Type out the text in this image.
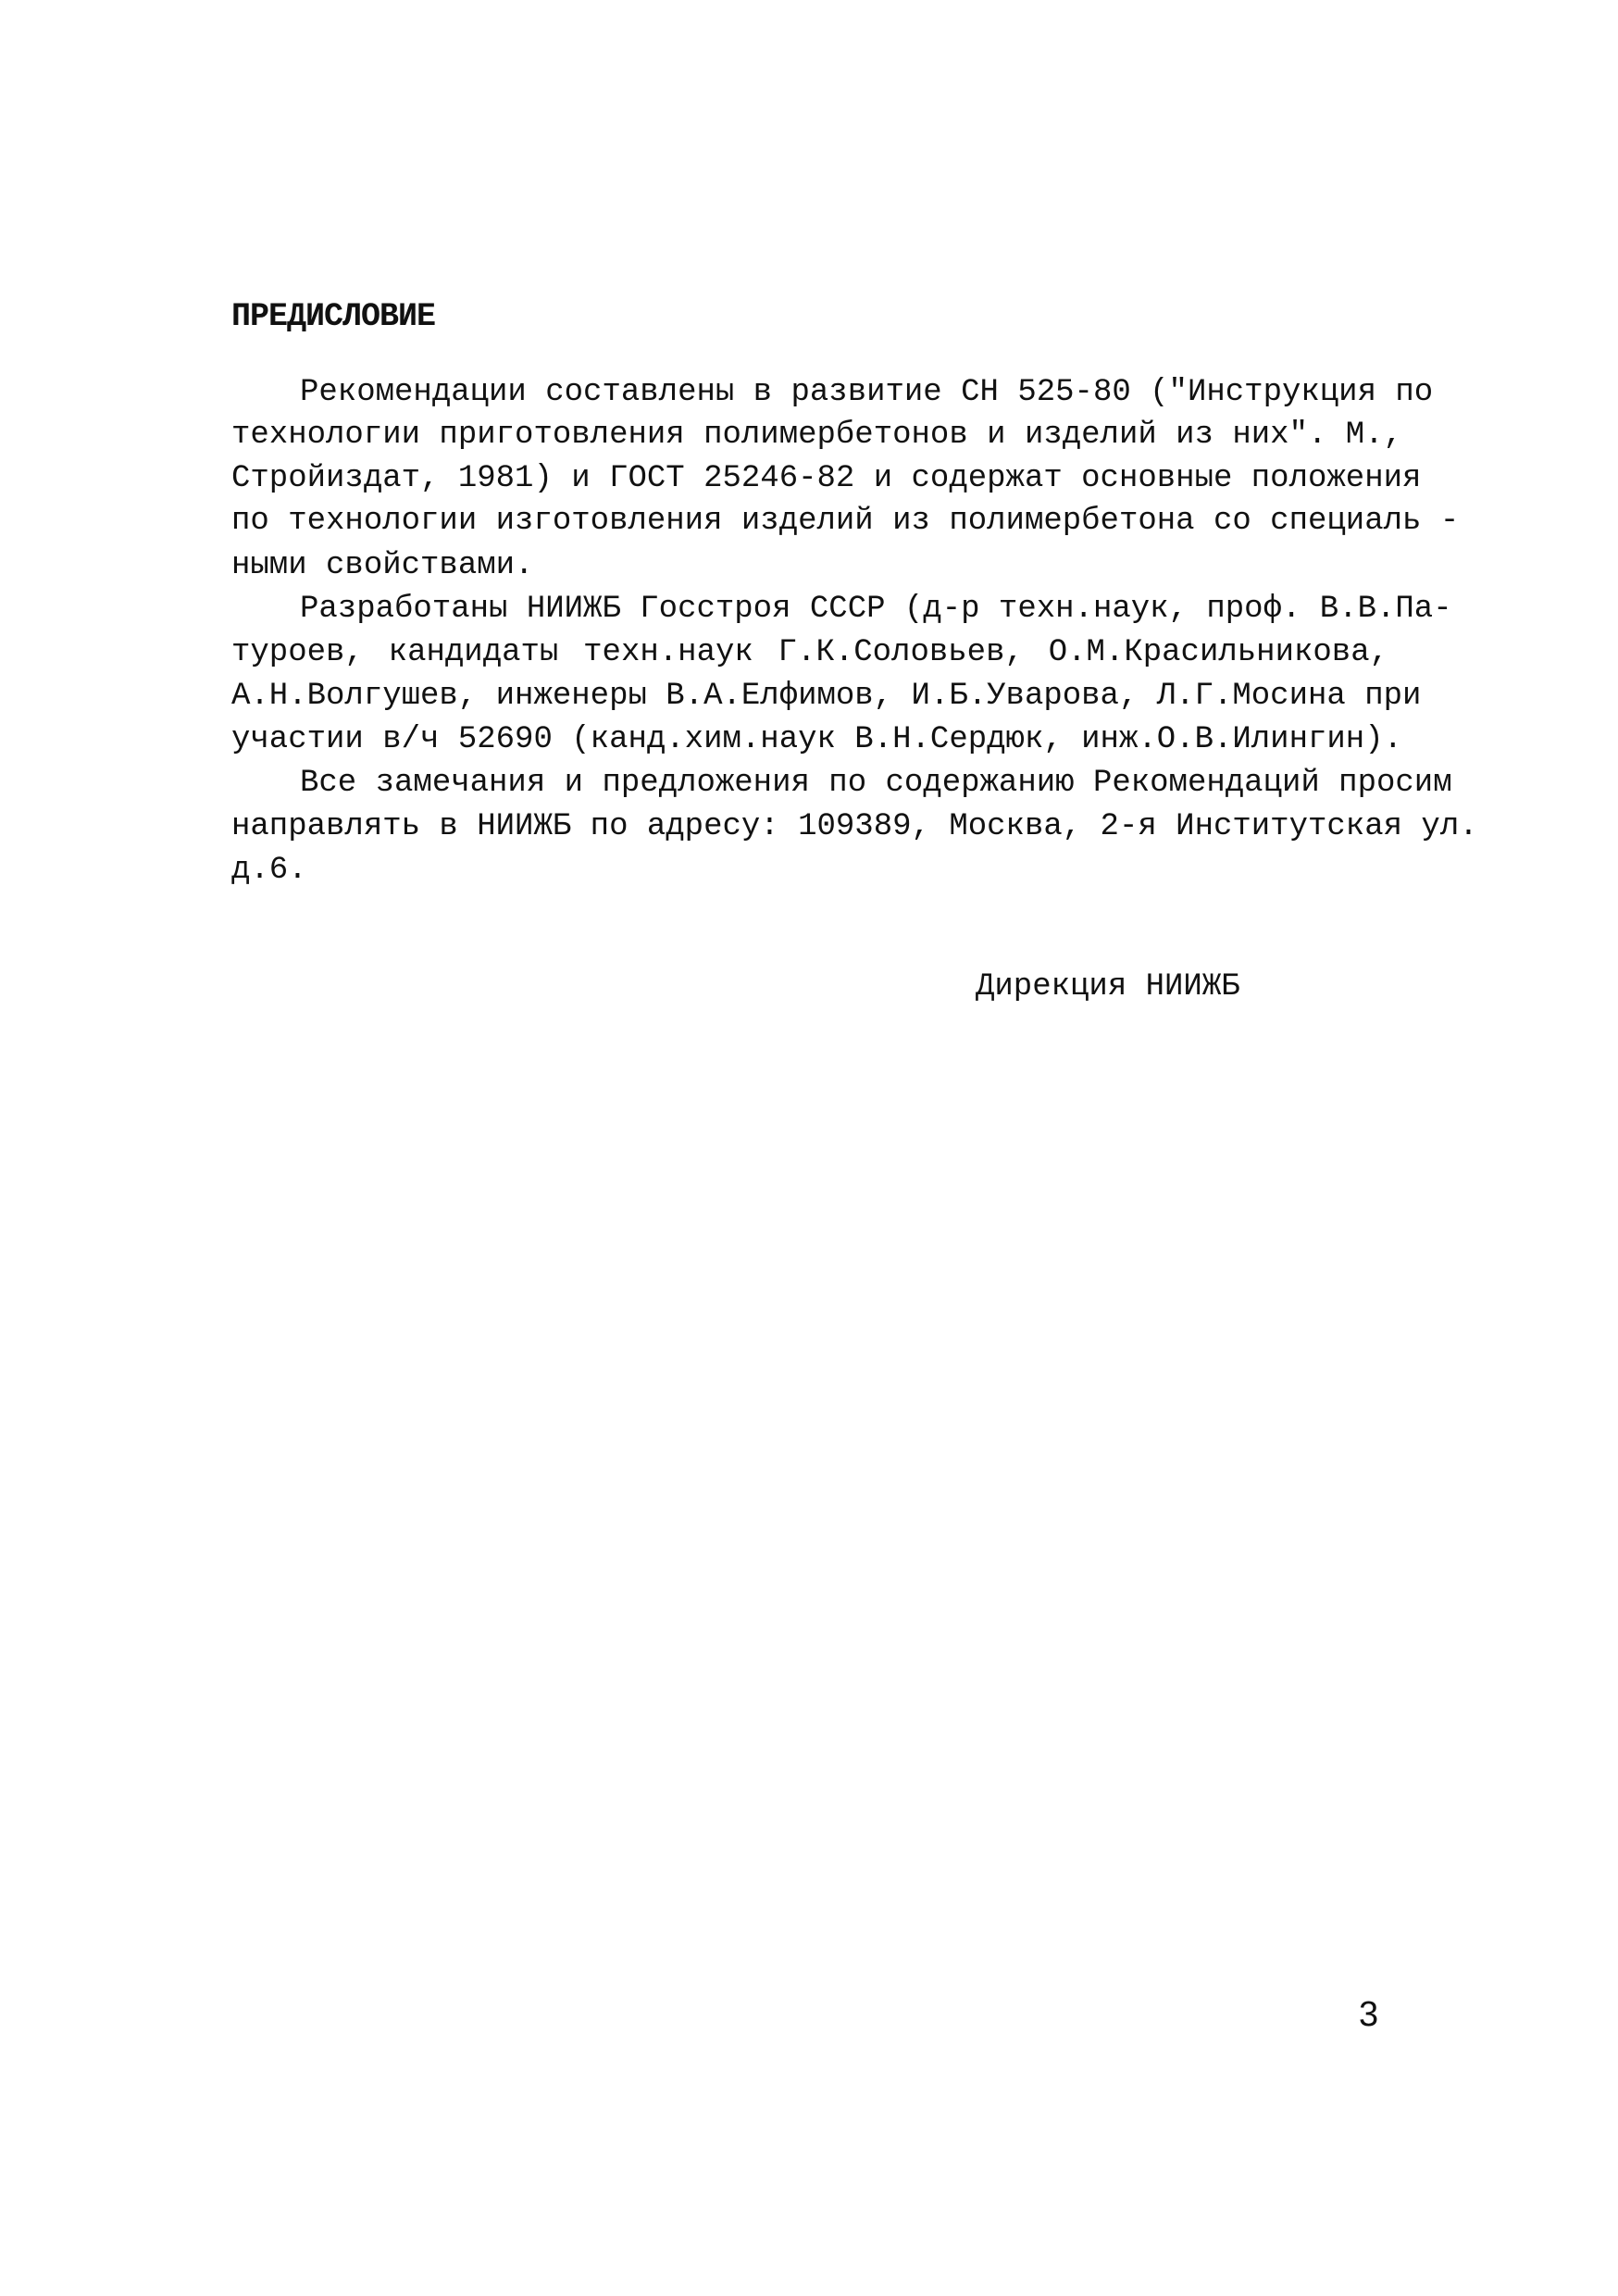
ПРЕДИСЛОВИЕ
Рекомендации составлены в развитие СН 525-80 ("Инструкция по
технологии приготовления полимербетонов и изделий из них". М.,
Стройиздат, 1981) и ГОСТ 25246-82 и содержат основные положения
по технологии изготовления изделий из полимербетона со специаль -
ными свойствами.
Разработаны НИИЖБ Госстроя СССР (д-р техн.наук, проф. В.В.Па-
туроев, кандидаты техн.наук Г.К.Соловьев, О.М.Красильникова,
А.Н.Волгушев, инженеры В.А.Елфимов, И.Б.Уварова, Л.Г.Мосина при
участии в/ч 52690 (канд.хим.наук В.Н.Сердюк, инж.О.В.Илингин).
Все замечания и предложения по содержанию Рекомендаций просим
направлять в НИИЖБ по адресу: 109389, Москва, 2-я Институтская ул.
д.6.
Дирекция НИИЖБ
3
